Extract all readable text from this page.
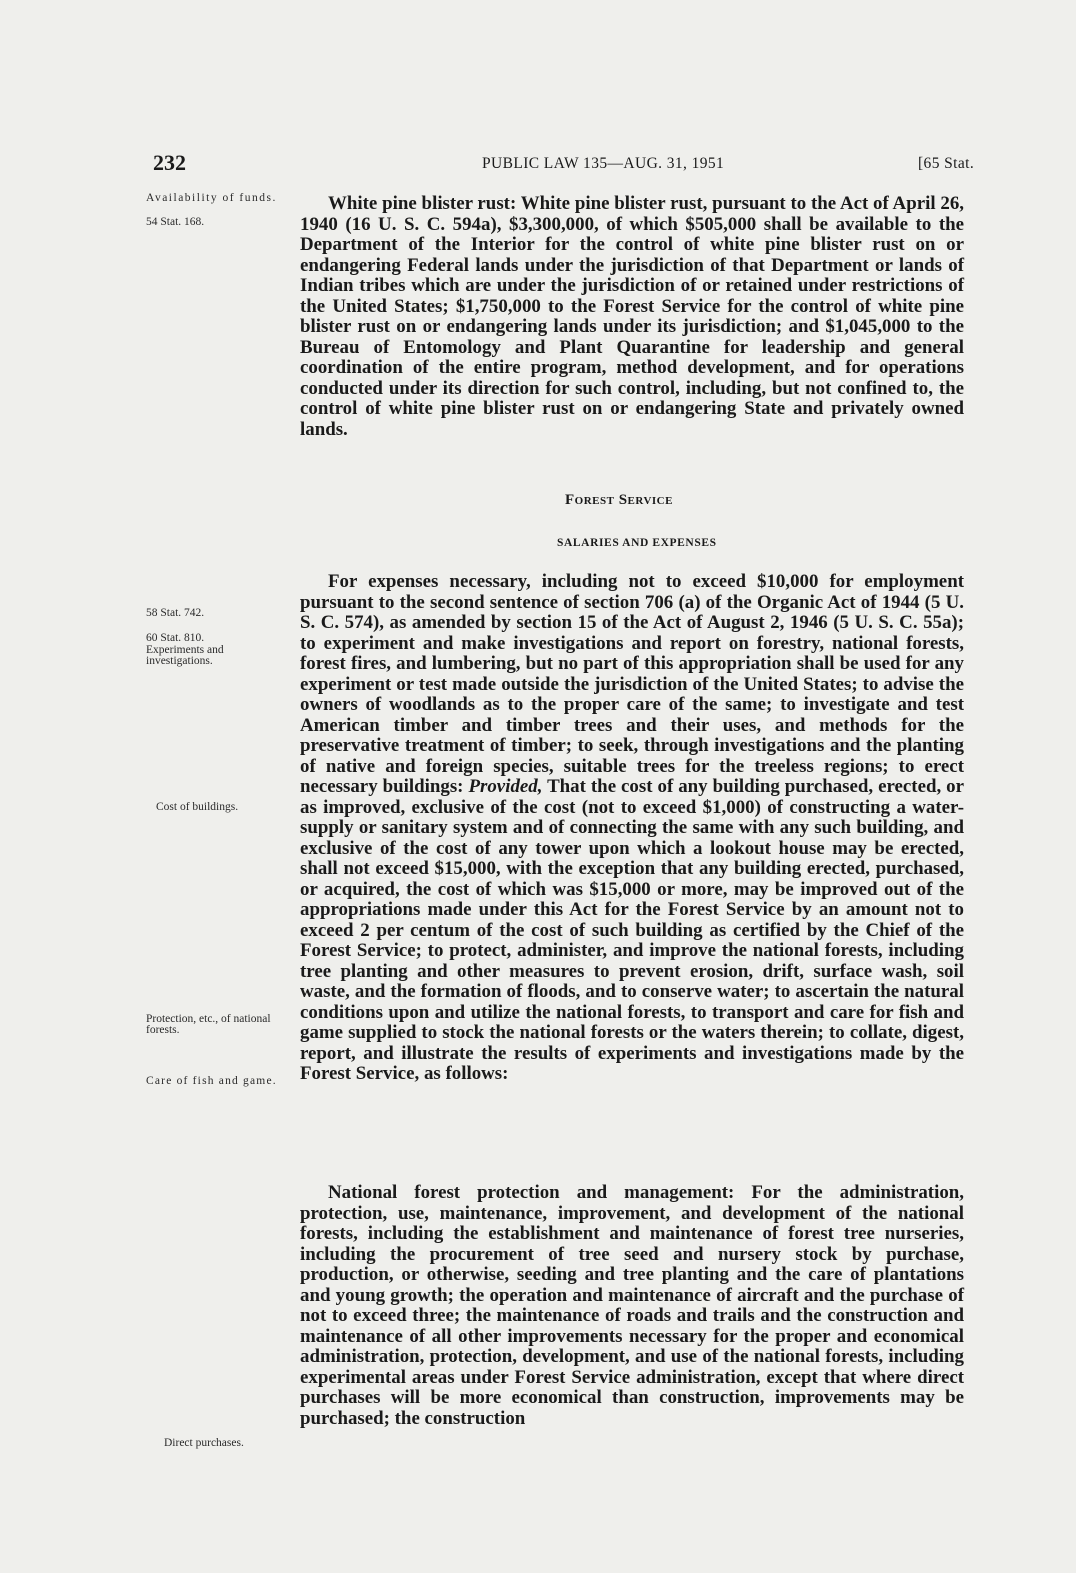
232	PUBLIC LAW 135—AUG. 31, 1951	[65 Stat.
Availability of funds.
54 Stat. 168.
58 Stat. 742.
60 Stat. 810.
Experiments and investigations.
Cost of buildings.
Protection, etc., of national forests.
Care of fish and game.
Direct purchases.

White pine blister rust: White pine blister rust, pursuant to the Act of April 26, 1940 (16 U. S. C. 594a), $3,300,000, of which $505,000 shall be available to the Department of the Interior for the control of white pine blister rust on or endangering Federal lands under the jurisdiction of that Department or lands of Indian tribes which are under the jurisdiction of or retained under restrictions of the United States; $1,750,000 to the Forest Service for the control of white pine blister rust on or endangering lands under its jurisdiction; and $1,045,000 to the Bureau of Entomology and Plant Quarantine for leadership and general coordination of the entire program, method development, and for operations conducted under its direction for such control, including, but not confined to, the control of white pine blister rust on or endangering State and privately owned lands.

Forest Service
SALARIES AND EXPENSES

For expenses necessary, including not to exceed $10,000 for employment pursuant to the second sentence of section 706 (a) of the Organic Act of 1944 (5 U. S. C. 574), as amended by section 15 of the Act of August 2, 1946 (5 U. S. C. 55a); to experiment and make investigations and report on forestry, national forests, forest fires, and lumbering, but no part of this appropriation shall be used for any experiment or test made outside the jurisdiction of the United States; to advise the owners of woodlands as to the proper care of the same; to investigate and test American timber and timber trees and their uses, and methods for the preservative treatment of timber; to seek, through investigations and the planting of native and foreign species, suitable trees for the treeless regions; to erect necessary buildings: Provided, That the cost of any building purchased, erected, or as improved, exclusive of the cost (not to exceed $1,000) of constructing a water-supply or sanitary system and of connecting the same with any such building, and exclusive of the cost of any tower upon which a lookout house may be erected, shall not exceed $15,000, with the exception that any building erected, purchased, or acquired, the cost of which was $15,000 or more, may be improved out of the appropriations made under this Act for the Forest Service by an amount not to exceed 2 per centum of the cost of such building as certified by the Chief of the Forest Service; to protect, administer, and improve the national forests, including tree planting and other measures to prevent erosion, drift, surface wash, soil waste, and the formation of floods, and to conserve water; to ascertain the natural conditions upon and utilize the national forests, to transport and care for fish and game supplied to stock the national forests or the waters therein; to collate, digest, report, and illustrate the results of experiments and investigations made by the Forest Service, as follows:

National forest protection and management: For the administration, protection, use, maintenance, improvement, and development of the national forests, including the establishment and maintenance of forest tree nurseries, including the procurement of tree seed and nursery stock by purchase, production, or otherwise, seeding and tree planting and the care of plantations and young growth; the operation and maintenance of aircraft and the purchase of not to exceed three; the maintenance of roads and trails and the construction and maintenance of all other improvements necessary for the proper and economical administration, protection, development, and use of the national forests, including experimental areas under Forest Service administration, except that where direct purchases will be more economical than construction, improvements may be purchased; the construction
